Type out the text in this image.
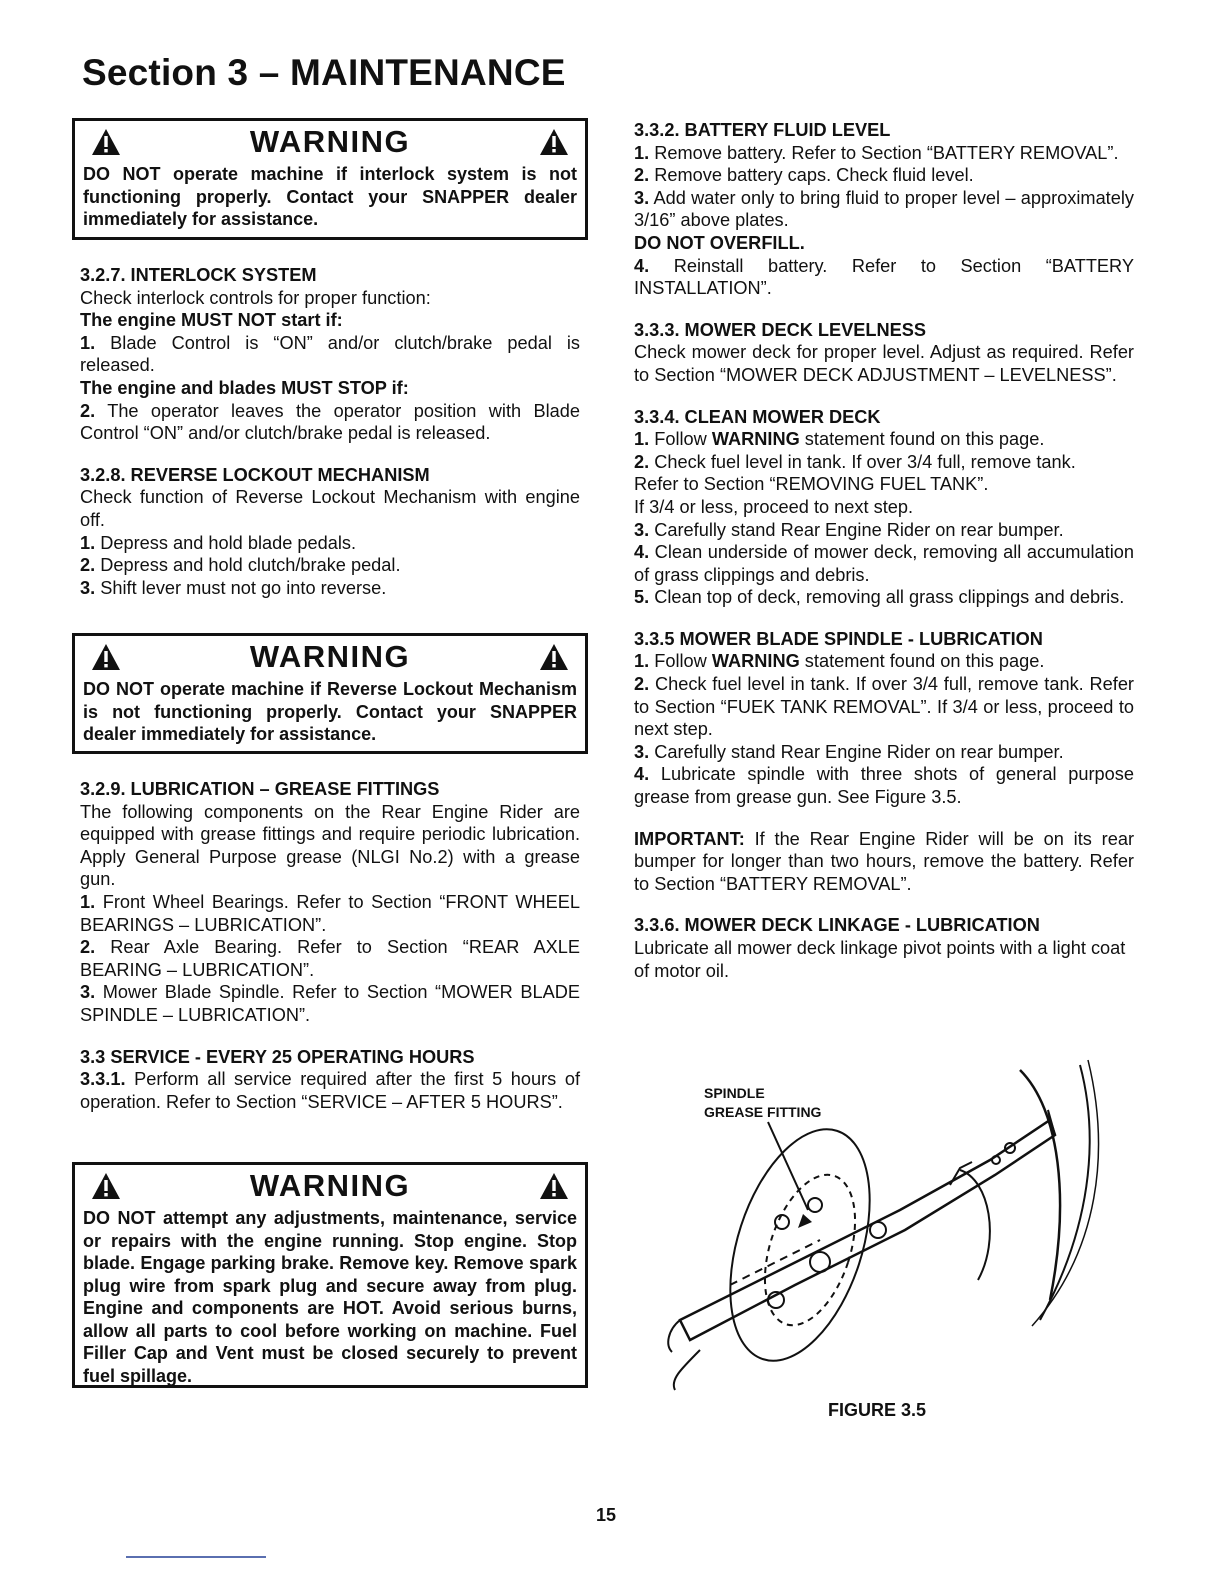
Section 3 – MAINTENANCE
WARNING
DO NOT operate machine if interlock system is not functioning properly. Contact your SNAPPER dealer immediately for assistance.

3.2.7. INTERLOCK SYSTEM

Check interlock controls for proper function:

The engine MUST NOT start if:

1. Blade Control is “ON” and/or clutch/brake pedal is released.

The engine and blades MUST STOP if:

2. The operator leaves the operator position with Blade Control “ON” and/or clutch/brake pedal is released.

3.2.8. REVERSE LOCKOUT MECHANISM

Check function of Reverse Lockout Mechanism with engine off.

1. Depress and hold blade pedals.

2. Depress and hold clutch/brake pedal.

3. Shift lever must not go into reverse.

WARNING
DO NOT operate machine if Reverse Lockout Mechanism is not functioning properly. Contact your SNAPPER dealer immediately for assistance.

3.2.9. LUBRICATION – GREASE FITTINGS

The following components on the Rear Engine Rider are equipped with grease fittings and require periodic lubrication. Apply General Purpose grease (NLGI No.2) with a grease gun.

1. Front Wheel Bearings. Refer to Section “FRONT WHEEL BEARINGS – LUBRICATION”.

2. Rear Axle Bearing. Refer to Section “REAR AXLE BEARING – LUBRICATION”.

3. Mower Blade Spindle. Refer to Section “MOWER BLADE SPINDLE – LUBRICATION”.

3.3 SERVICE - EVERY 25 OPERATING HOURS

3.3.1. Perform all service required after the first 5 hours of operation. Refer to Section “SERVICE – AFTER 5 HOURS”.

WARNING
DO NOT attempt any adjustments, maintenance, service or repairs with the engine running. Stop engine. Stop blade. Engage parking brake. Remove key. Remove spark plug wire from spark plug and secure away from plug. Engine and components are HOT. Avoid serious burns, allow all parts to cool before working on machine. Fuel Filler Cap and Vent must be closed securely to prevent fuel spillage.

3.3.2. BATTERY FLUID LEVEL

1. Remove battery. Refer to Section “BATTERY REMOVAL”.

2. Remove battery caps. Check fluid level.

3. Add water only to bring fluid to proper level – approximately 3/16” above plates.

DO NOT OVERFILL.

4. Reinstall battery. Refer to Section “BATTERY INSTALLATION”.

3.3.3. MOWER DECK LEVELNESS

Check mower deck for proper level. Adjust as required. Refer to Section “MOWER DECK ADJUSTMENT – LEVELNESS”.

3.3.4. CLEAN MOWER DECK

1. Follow WARNING statement found on this page.

2. Check fuel level in tank. If over 3/4 full, remove tank.

Refer to Section “REMOVING FUEL TANK”.

If 3/4 or less, proceed to next step.

3. Carefully stand Rear Engine Rider on rear bumper.

4. Clean underside of mower deck, removing all accumulation of grass clippings and debris.

5. Clean top of deck, removing all grass clippings and debris.

3.3.5 MOWER BLADE SPINDLE - LUBRICATION

1. Follow WARNING statement found on this page.

2. Check fuel level in tank. If over 3/4 full, remove tank. Refer to Section “FUEK TANK REMOVAL”. If 3/4 or less, proceed to next step.

3. Carefully stand Rear Engine Rider on rear bumper.

4. Lubricate spindle with three shots of general purpose grease from grease gun. See Figure 3.5.

IMPORTANT: If the Rear Engine Rider will be on its rear bumper for longer than two hours, remove the battery. Refer to Section “BATTERY REMOVAL”.

3.3.6. MOWER DECK LINKAGE - LUBRICATION

Lubricate all mower deck linkage pivot points with a light coat of motor oil.

SPINDLE
GREASE FITTING
FIGURE 3.5
15
